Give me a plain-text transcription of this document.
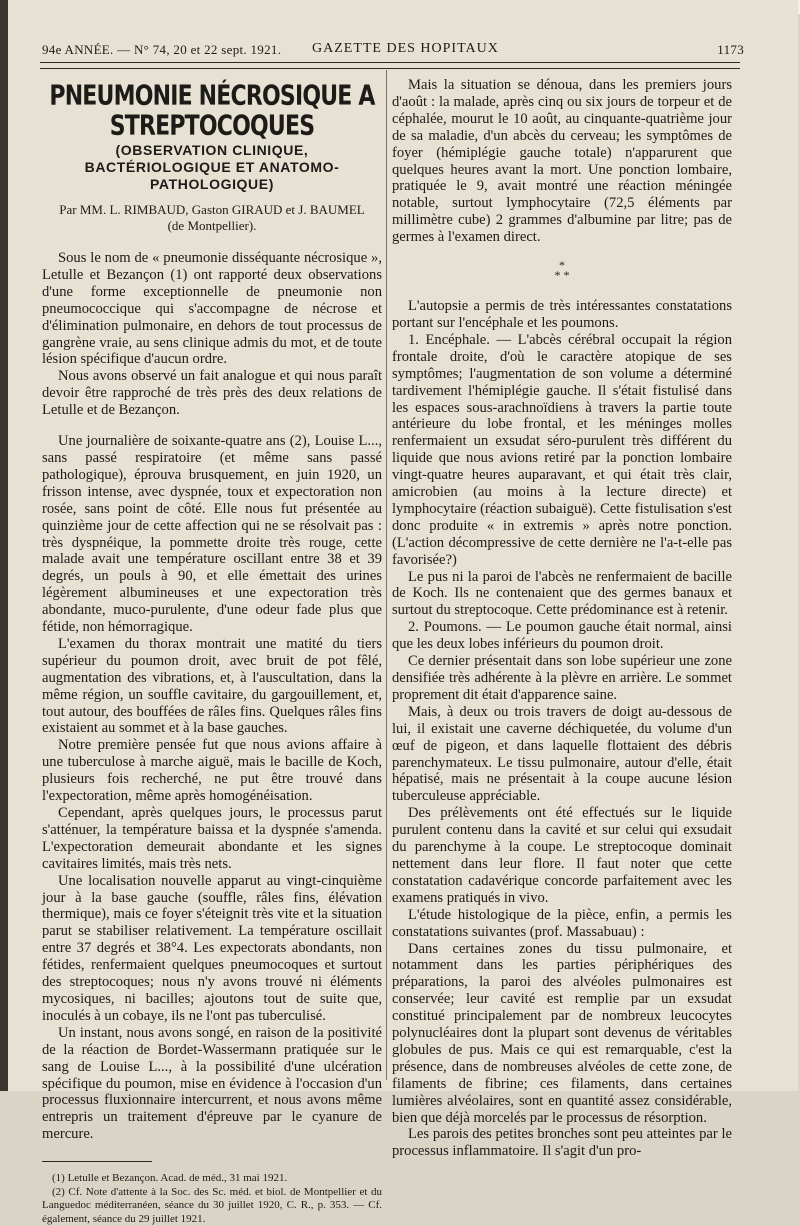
94e ANNÉE. — N° 74, 20 et 22 sept. 1921. GAZETTE DES HOPITAUX	1173
PNEUMONIE NÉCROSIQUE A STREPTOCOQUES
(OBSERVATION CLINIQUE, BACTÉRIOLOGIQUE ET ANATOMO-PATHOLOGIQUE)
Par MM. L. RIMBAUD, Gaston GIRAUD et J. BAUMEL
(de Montpellier).

Sous le nom de « pneumonie disséquante nécrosique », Letulle et Bezançon (1) ont rapporté deux observations d'une forme exceptionnelle de pneumonie non pneumococcique qui s'accompagne de nécrose et d'élimination pulmonaire, en dehors de tout processus de gangrène vraie, au sens clinique admis du mot, et de toute lésion spécifique d'aucun ordre.

Nous avons observé un fait analogue et qui nous paraît devoir être rapproché de très près des deux relations de Letulle et de Bezançon.

Une journalière de soixante-quatre ans (2), Louise L..., sans passé respiratoire (et même sans passé pathologique), éprouva brusquement, en juin 1920, un frisson intense, avec dyspnée, toux et expectoration non rosée, sans point de côté. Elle nous fut présentée au quinzième jour de cette affection qui ne se résolvait pas : très dyspnéique, la pommette droite très rouge, cette malade avait une température oscillant entre 38 et 39 degrés, un pouls à 90, et elle émettait des urines légèrement albumineuses et une expectoration très abondante, muco-purulente, d'une odeur fade plus que fétide, non hémorragique.

L'examen du thorax montrait une matité du tiers supérieur du poumon droit, avec bruit de pot fêlé, augmentation des vibrations, et, à l'auscultation, dans la même région, un souffle cavitaire, du gargouillement, et, tout autour, des bouffées de râles fins. Quelques râles fins existaient au sommet et à la base gauches.

Notre première pensée fut que nous avions affaire à une tuberculose à marche aiguë, mais le bacille de Koch, plusieurs fois recherché, ne put être trouvé dans l'expectoration, même après homogénéisation.

Cependant, après quelques jours, le processus parut s'atténuer, la température baissa et la dyspnée s'amenda. L'expectoration demeurait abondante et les signes cavitaires limités, mais très nets.

Une localisation nouvelle apparut au vingt-cinquième jour à la base gauche (souffle, râles fins, élévation thermique), mais ce foyer s'éteignit très vite et la situation parut se stabiliser relativement. La température oscillait entre 37 degrés et 38°4. Les expectorats abondants, non fétides, renfermaient quelques pneumocoques et surtout des streptocoques; nous n'y avons trouvé ni éléments mycosiques, ni bacilles; ajoutons tout de suite que, inoculés à un cobaye, ils ne l'ont pas tuberculisé.

Un instant, nous avons songé, en raison de la positivité de la réaction de Bordet-Wassermann pratiquée sur le sang de Louise L..., à la possibilité d'une ulcération spécifique du poumon, mise en évidence à l'occasion d'un processus fluxionnaire intercurrent, et nous avons même entrepris un traitement d'épreuve par le cyanure de mercure.

(1) Letulle et Bezançon. Acad. de méd., 31 mai 1921.

(2) Cf. Note d'attente à la Soc. des Sc. méd. et biol. de Montpellier et du Languedoc méditerranéen, séance du 30 juillet 1920, C. R., p. 353. — Cf. également, séance du 29 juillet 1921.

Mais la situation se dénoua, dans les premiers jours d'août : la malade, après cinq ou six jours de torpeur et de céphalée, mourut le 10 août, au cinquante-quatrième jour de sa maladie, d'un abcès du cerveau; les symptômes de foyer (hémiplégie gauche totale) n'apparurent que quelques heures avant la mort. Une ponction lombaire, pratiquée le 9, avait montré une réaction méningée notable, surtout lymphocytaire (72,5 éléments par millimètre cube) 2 grammes d'albumine par litre; pas de germes à l'examen direct.

*
* *

L'autopsie a permis de très intéressantes constatations portant sur l'encéphale et les poumons.

1. Encéphale. — L'abcès cérébral occupait la région frontale droite, d'où le caractère atopique de ses symptômes; l'augmentation de son volume a déterminé tardivement l'hémiplégie gauche. Il s'était fistulisé dans les espaces sous-arachnoïdiens à travers la partie toute antérieure du lobe frontal, et les méninges molles renfermaient un exsudat séro-purulent très différent du liquide que nous avions retiré par la ponction lombaire vingt-quatre heures auparavant, et qui était très clair, amicrobien (au moins à la lecture directe) et lymphocytaire (réaction subaiguë). Cette fistulisation s'est donc produite « in extremis » après notre ponction. (L'action décompressive de cette dernière ne l'a-t-elle pas favorisée?)

Le pus ni la paroi de l'abcès ne renfermaient de bacille de Koch. Ils ne contenaient que des germes banaux et surtout du streptocoque. Cette prédominance est à retenir.

2. Poumons. — Le poumon gauche était normal, ainsi que les deux lobes inférieurs du poumon droit.

Ce dernier présentait dans son lobe supérieur une zone densifiée très adhérente à la plèvre en arrière. Le sommet proprement dit était d'apparence saine.

Mais, à deux ou trois travers de doigt au-dessous de lui, il existait une caverne déchiquetée, du volume d'un œuf de pigeon, et dans laquelle flottaient des débris parenchymateux. Le tissu pulmonaire, autour d'elle, était hépatisé, mais ne présentait à la coupe aucune lésion tuberculeuse appréciable.

Des prélèvements ont été effectués sur le liquide purulent contenu dans la cavité et sur celui qui exsudait du parenchyme à la coupe. Le streptocoque dominait nettement dans leur flore. Il faut noter que cette constatation cadavérique concorde parfaitement avec les examens pratiqués in vivo.

L'étude histologique de la pièce, enfin, a permis les constatations suivantes (prof. Massabuau) :

Dans certaines zones du tissu pulmonaire, et notamment dans les parties périphériques des préparations, la paroi des alvéoles pulmonaires est conservée; leur cavité est remplie par un exsudat constitué principalement par de nombreux leucocytes polynucléaires dont la plupart sont devenus de véritables globules de pus. Mais ce qui est remarquable, c'est la présence, dans de nombreuses alvéoles de cette zone, de filaments de fibrine; ces filaments, dans certaines lumières alvéolaires, sont en quantité assez considérable, bien que déjà morcelés par le processus de résorption.

Les parois des petites bronches sont peu atteintes par le processus inflammatoire. Il s'agit d'un pro-
